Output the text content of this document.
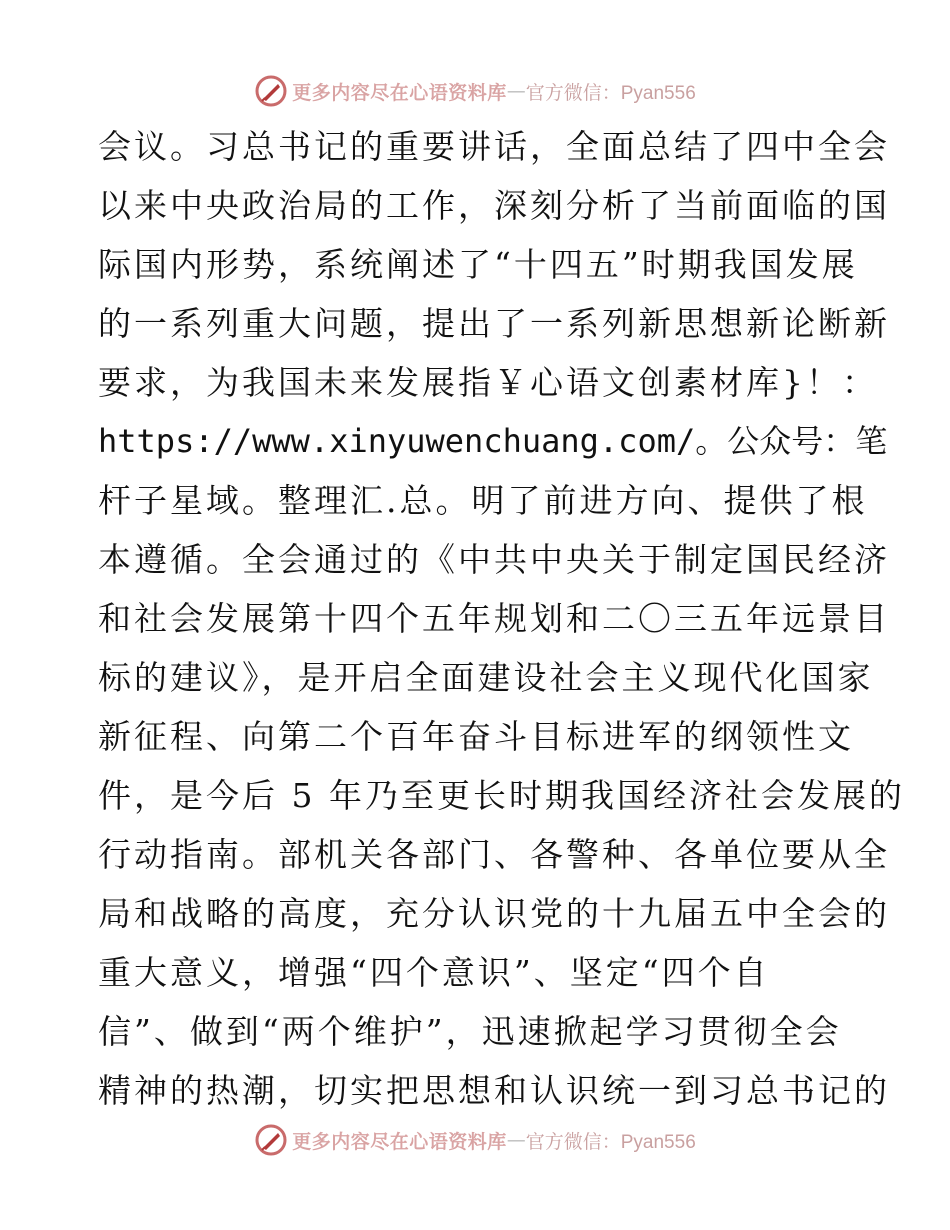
更多内容尽在心语资料库 — 官方微信：Pyan556
会议。习总书记的重要讲话，全面总结了四中全会
以来中央政治局的工作，深刻分析了当前面临的国
际国内形势，系统阐述了“十四五”时期我国发展
的一系列重大问题，提出了一系列新思想新论断新
要求，为我国未来发展指￥心语文创素材库}！：
https://www.xinyuwenchuang.com/。公众号：笔
杆子星域。整理汇.总。明了前进方向、提供了根
本遵循。全会通过的《中共中央关于制定国民经济
和社会发展第十四个五年规划和二〇三五年远景目
标的建议》，是开启全面建设社会主义现代化国家
新征程、向第二个百年奋斗目标进军的纲领性文
件，是今后 5 年乃至更长时期我国经济社会发展的
行动指南。部机关各部门、各警种、各单位要从全
局和战略的高度，充分认识党的十九届五中全会的
重大意义，增强“四个意识”、坚定“四个自
信”、做到“两个维护”，迅速掀起学习贯彻全会
精神的热潮，切实把思想和认识统一到习总书记的
更多内容尽在心语资料库 — 官方微信：Pyan556
